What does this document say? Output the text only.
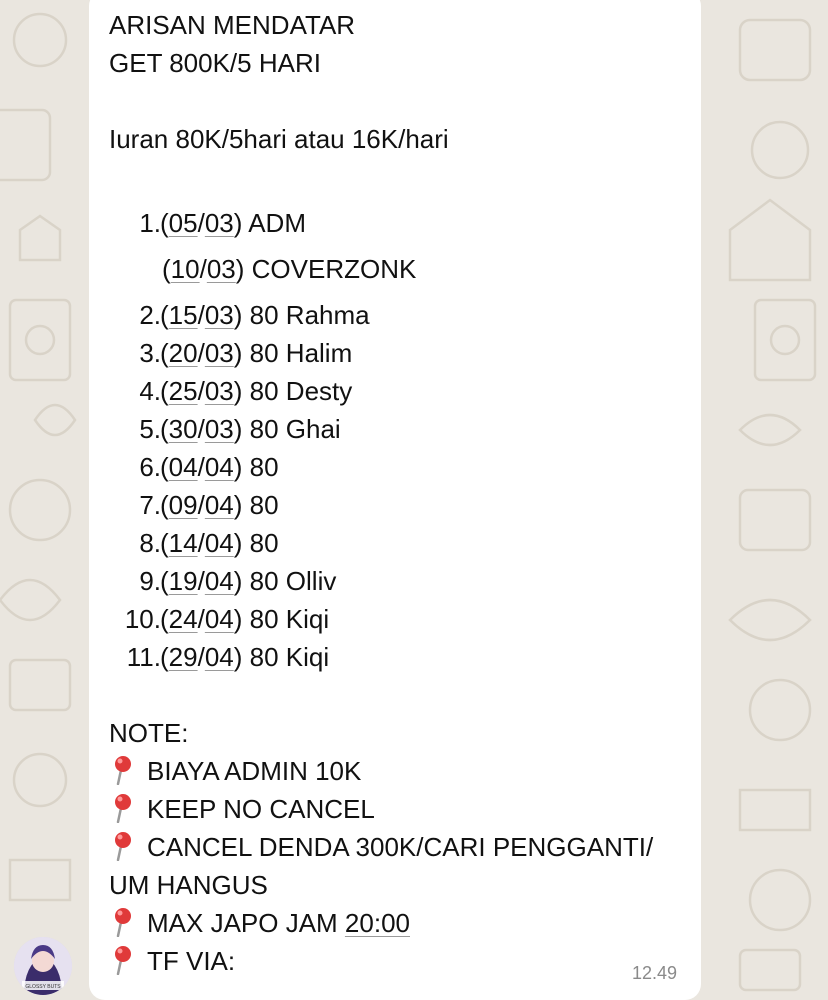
ARISAN MENDATAR
GET 800K/5 HARI
Iuran 80K/5hari atau 16K/hari
1. (05/03) ADM
(10/03) COVERZONK
2. (15/03) 80 Rahma
3. (20/03) 80 Halim
4. (25/03) 80 Desty
5. (30/03) 80 Ghai
6. (04/04) 80
7. (09/04) 80
8. (14/04) 80
9. (19/04) 80 Olliv
10. (24/04) 80 Kiqi
11. (29/04) 80 Kiqi
NOTE:
BIAYA ADMIN 10K
KEEP NO CANCEL
CANCEL DENDA 300K/CARI PENGGANTI/
UM HANGUS
MAX JAPO JAM 20:00
TF VIA:	12.49
GLOSSY BUTS
